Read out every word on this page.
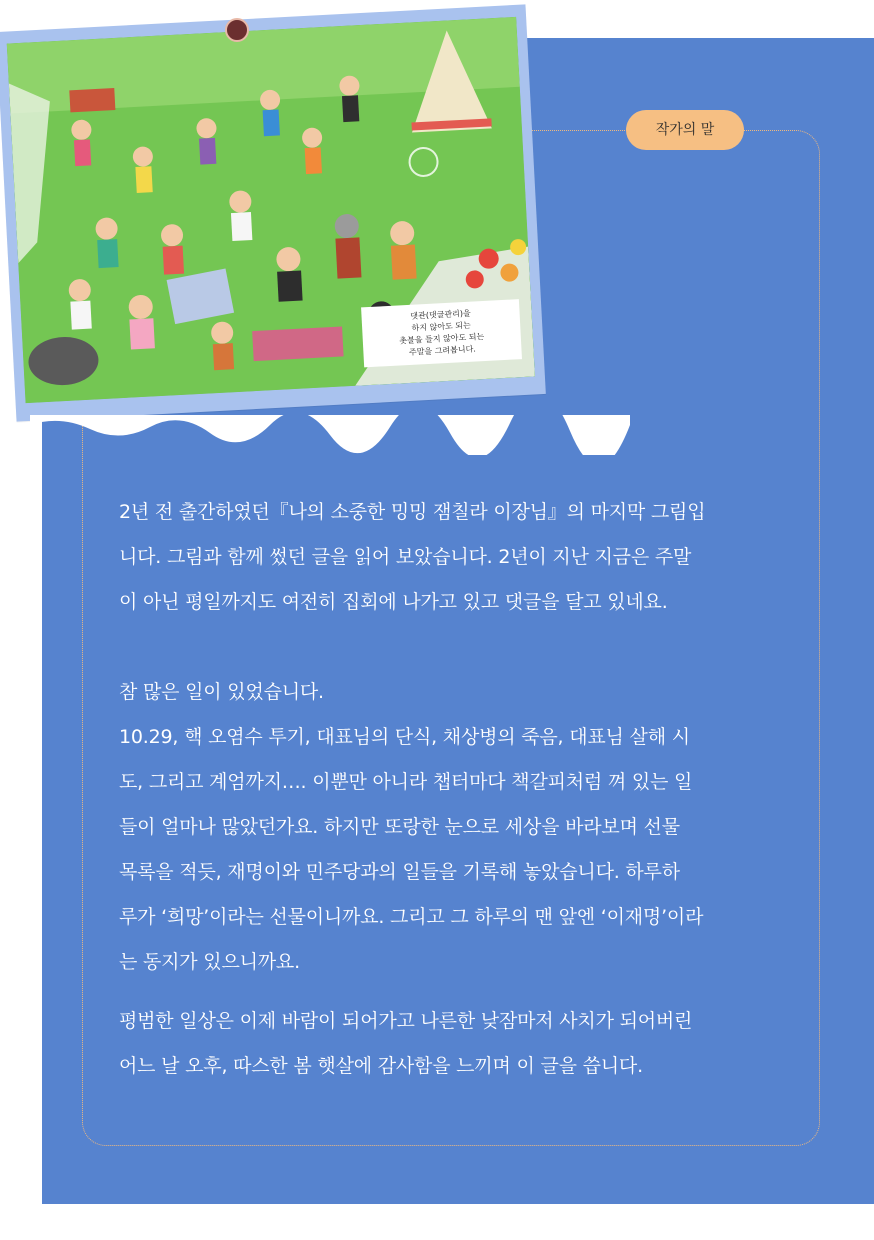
댓관(댓글관리)을
하지 않아도 되는
촛불을 들지 않아도 되는
주말을 그려봅니다.
작가의 말
2년 전 출간하였던『나의 소중한 밍밍 잼칠라 이장님』의 마지막 그림입
니다. 그림과 함께 썼던 글을 읽어 보았습니다. 2년이 지난 지금은 주말
이 아닌 평일까지도 여전히 집회에 나가고 있고 댓글을 달고 있네요.
참 많은 일이 있었습니다.
10.29, 핵 오염수 투기, 대표님의 단식, 채상병의 죽음, 대표님 살해 시
도, 그리고 계엄까지…. 이뿐만 아니라 챕터마다 책갈피처럼 껴 있는 일
들이 얼마나 많았던가요. 하지만 또랑한 눈으로 세상을 바라보며 선물
목록을 적듯, 재명이와 민주당과의 일들을 기록해 놓았습니다. 하루하
루가 ‘희망’이라는 선물이니까요. 그리고 그 하루의 맨 앞엔 ‘이재명’이라
는 동지가 있으니까요.
평범한 일상은 이제 바람이 되어가고 나른한 낮잠마저 사치가 되어버린
어느 날 오후, 따스한 봄 햇살에 감사함을 느끼며 이 글을 씁니다.
